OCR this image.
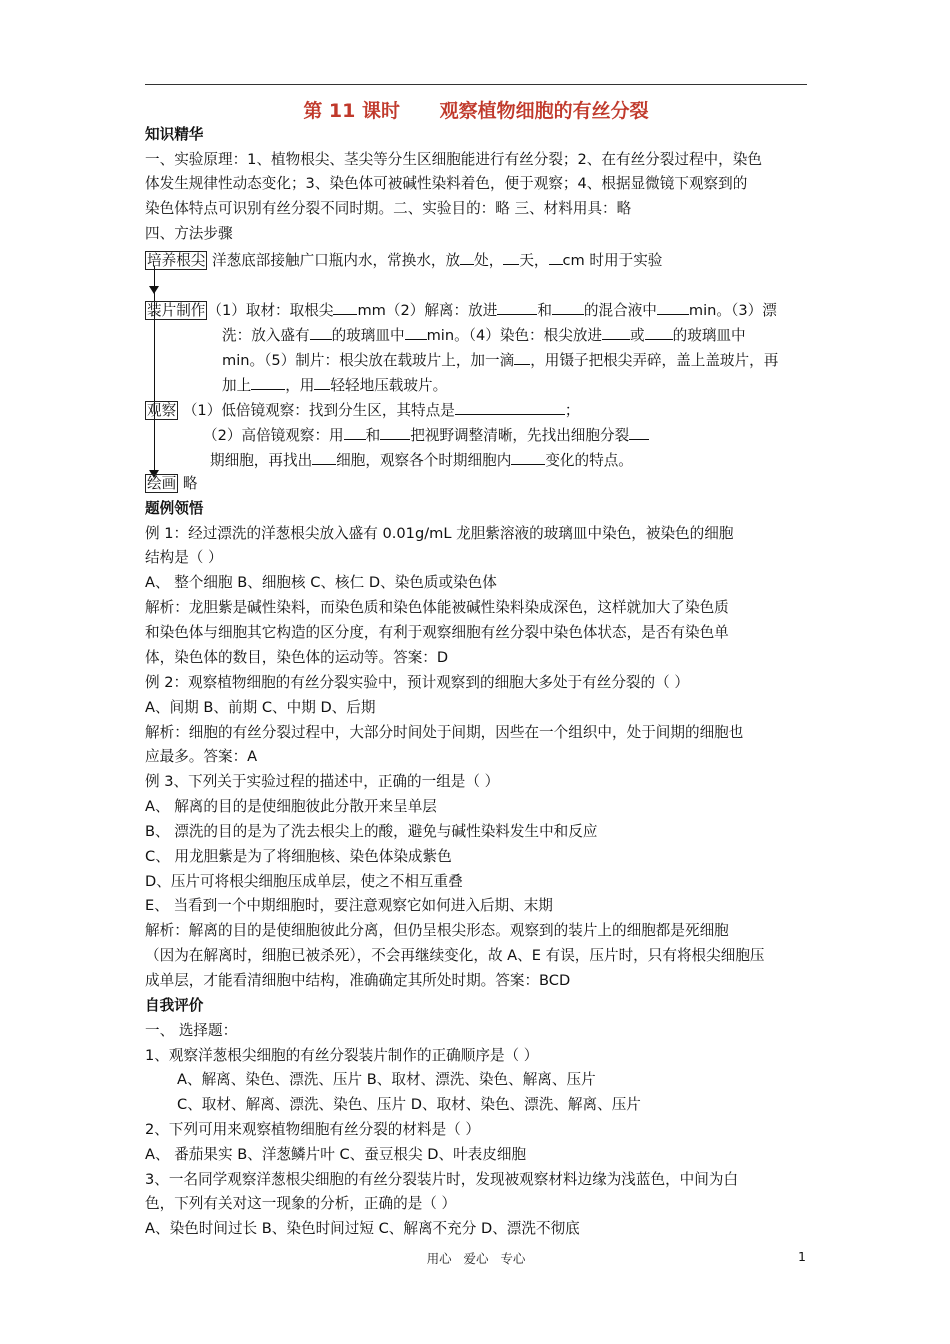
第 11 课时      观察植物细胞的有丝分裂
知识精华
一、实验原理：1、植物根尖、茎尖等分生区细胞能进行有丝分裂；2、在有丝分裂过程中，染色
体发生规律性动态变化；3、染色体可被碱性染料着色，便于观察；4、根据显微镜下观察到的
染色体特点可识别有丝分裂不同时期。二、实验目的：略 三、材料用具：略
四、方法步骤
培养根尖 洋葱底部接触广口瓶内水，常换水，放 处， 天， cm 时用于实验
装片制作 （1）取材：取根尖 mm（2）解离：放进	和 的混合液中 min。（3）漂
洗：放入盛有 的玻璃皿中 min。（4）染色：根尖放进 或 的玻璃皿中
min。（5）制片：根尖放在载玻片上，加一滴 ，用镊子把根尖弄碎，盖上盖玻片，再
加上 ，用 轻轻地压载玻片。
观察 （1）低倍镜观察：找到分生区，其特点是	；
（2）高倍镜观察：用 和 把视野调整清晰，先找出细胞分裂
期细胞，再找出 细胞，观察各个时期细胞内 变化的特点。
绘画 略
题例领悟
例 1：经过漂洗的洋葱根尖放入盛有 0.01g/mL 龙胆紫溶液的玻璃皿中染色，被染色的细胞
结构是（ ）
A、 整个细胞 B、细胞核 C、核仁 D、染色质或染色体
解析：龙胆紫是碱性染料，而染色质和染色体能被碱性染料染成深色，这样就加大了染色质
和染色体与细胞其它构造的区分度，有利于观察细胞有丝分裂中染色体状态，是否有染色单
体，染色体的数目，染色体的运动等。答案：D
例 2：观察植物细胞的有丝分裂实验中，预计观察到的细胞大多处于有丝分裂的（ ）
A、间期 B、前期 C、中期 D、后期
解析：细胞的有丝分裂过程中，大部分时间处于间期，因些在一个组织中，处于间期的细胞也
应最多。答案：A
例 3、下列关于实验过程的描述中，正确的一组是（ ）
A、 解离的目的是使细胞彼此分散开来呈单层
B、 漂洗的目的是为了洗去根尖上的酸，避免与碱性染料发生中和反应
C、 用龙胆紫是为了将细胞核、染色体染成紫色
D、压片可将根尖细胞压成单层，使之不相互重叠
E、 当看到一个中期细胞时，要注意观察它如何进入后期、末期
解析：解离的目的是使细胞彼此分离，但仍呈根尖形态。观察到的装片上的细胞都是死细胞
（因为在解离时，细胞已被杀死），不会再继续变化，故 A、E 有误，压片时，只有将根尖细胞压
成单层，才能看清细胞中结构，准确确定其所处时期。答案：BCD
自我评价
一、 选择题：
1、观察洋葱根尖细胞的有丝分裂装片制作的正确顺序是（ ）
A、解离、染色、漂洗、压片 B、取材、漂洗、染色、解离、压片
C、取材、解离、漂洗、染色、压片 D、取材、染色、漂洗、解离、压片
2、下列可用来观察植物细胞有丝分裂的材料是（ ）
A、 番茄果实 B、洋葱鳞片叶 C、蚕豆根尖 D、叶表皮细胞
3、一名同学观察洋葱根尖细胞的有丝分裂装片时，发现被观察材料边缘为浅蓝色，中间为白
色，下列有关对这一现象的分析，正确的是（ ）
A、染色时间过长 B、染色时间过短 C、解离不充分 D、漂洗不彻底
用心   爱心   专心	1
